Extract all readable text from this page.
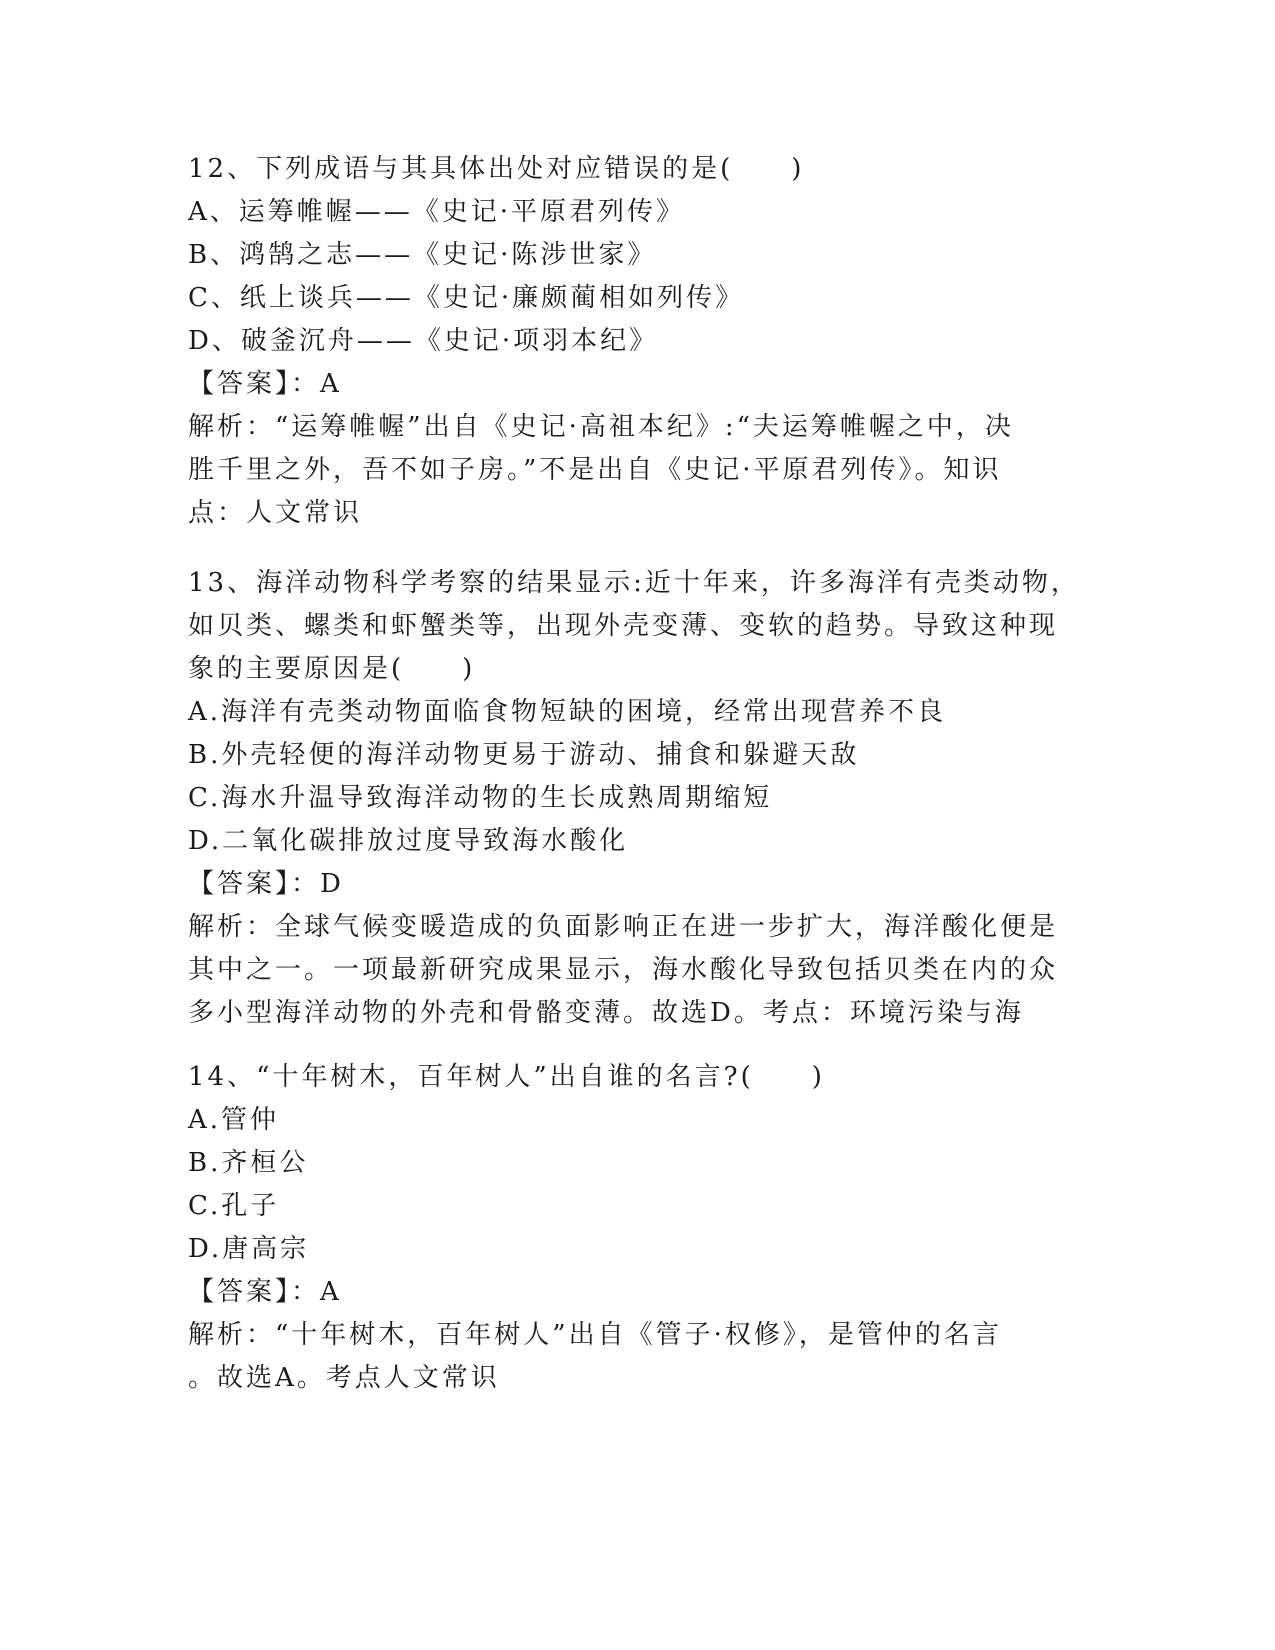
12、下列成语与其具体出处对应错误的是(　　)
A、运筹帷幄——《史记·平原君列传》
B、鸿鹄之志——《史记·陈涉世家》
C、纸上谈兵——《史记·廉颇蔺相如列传》
D、破釜沉舟——《史记·项羽本纪》
【答案】：A
解析：“运筹帷幄”出自《史记·高祖本纪》:“夫运筹帷幄之中，决
胜千里之外，吾不如子房。”不是出自《史记·平原君列传》。知识
点：人文常识
13、海洋动物科学考察的结果显示:近十年来，许多海洋有壳类动物，
如贝类、螺类和虾蟹类等，出现外壳变薄、变软的趋势。导致这种现
象的主要原因是(　　)
A.海洋有壳类动物面临食物短缺的困境，经常出现营养不良
B.外壳轻便的海洋动物更易于游动、捕食和躲避天敌
C.海水升温导致海洋动物的生长成熟周期缩短
D.二氧化碳排放过度导致海水酸化
【答案】：D
解析：全球气候变暖造成的负面影响正在进一步扩大，海洋酸化便是
其中之一。一项最新研究成果显示，海水酸化导致包括贝类在内的众
多小型海洋动物的外壳和骨骼变薄。故选D。考点：环境污染与海
14、“十年树木，百年树人”出自谁的名言?(　　)
A.管仲
B.齐桓公
C.孔子
D.唐高宗
【答案】：A
解析：“十年树木，百年树人”出自《管子·权修》，是管仲的名言
。故选A。考点人文常识
